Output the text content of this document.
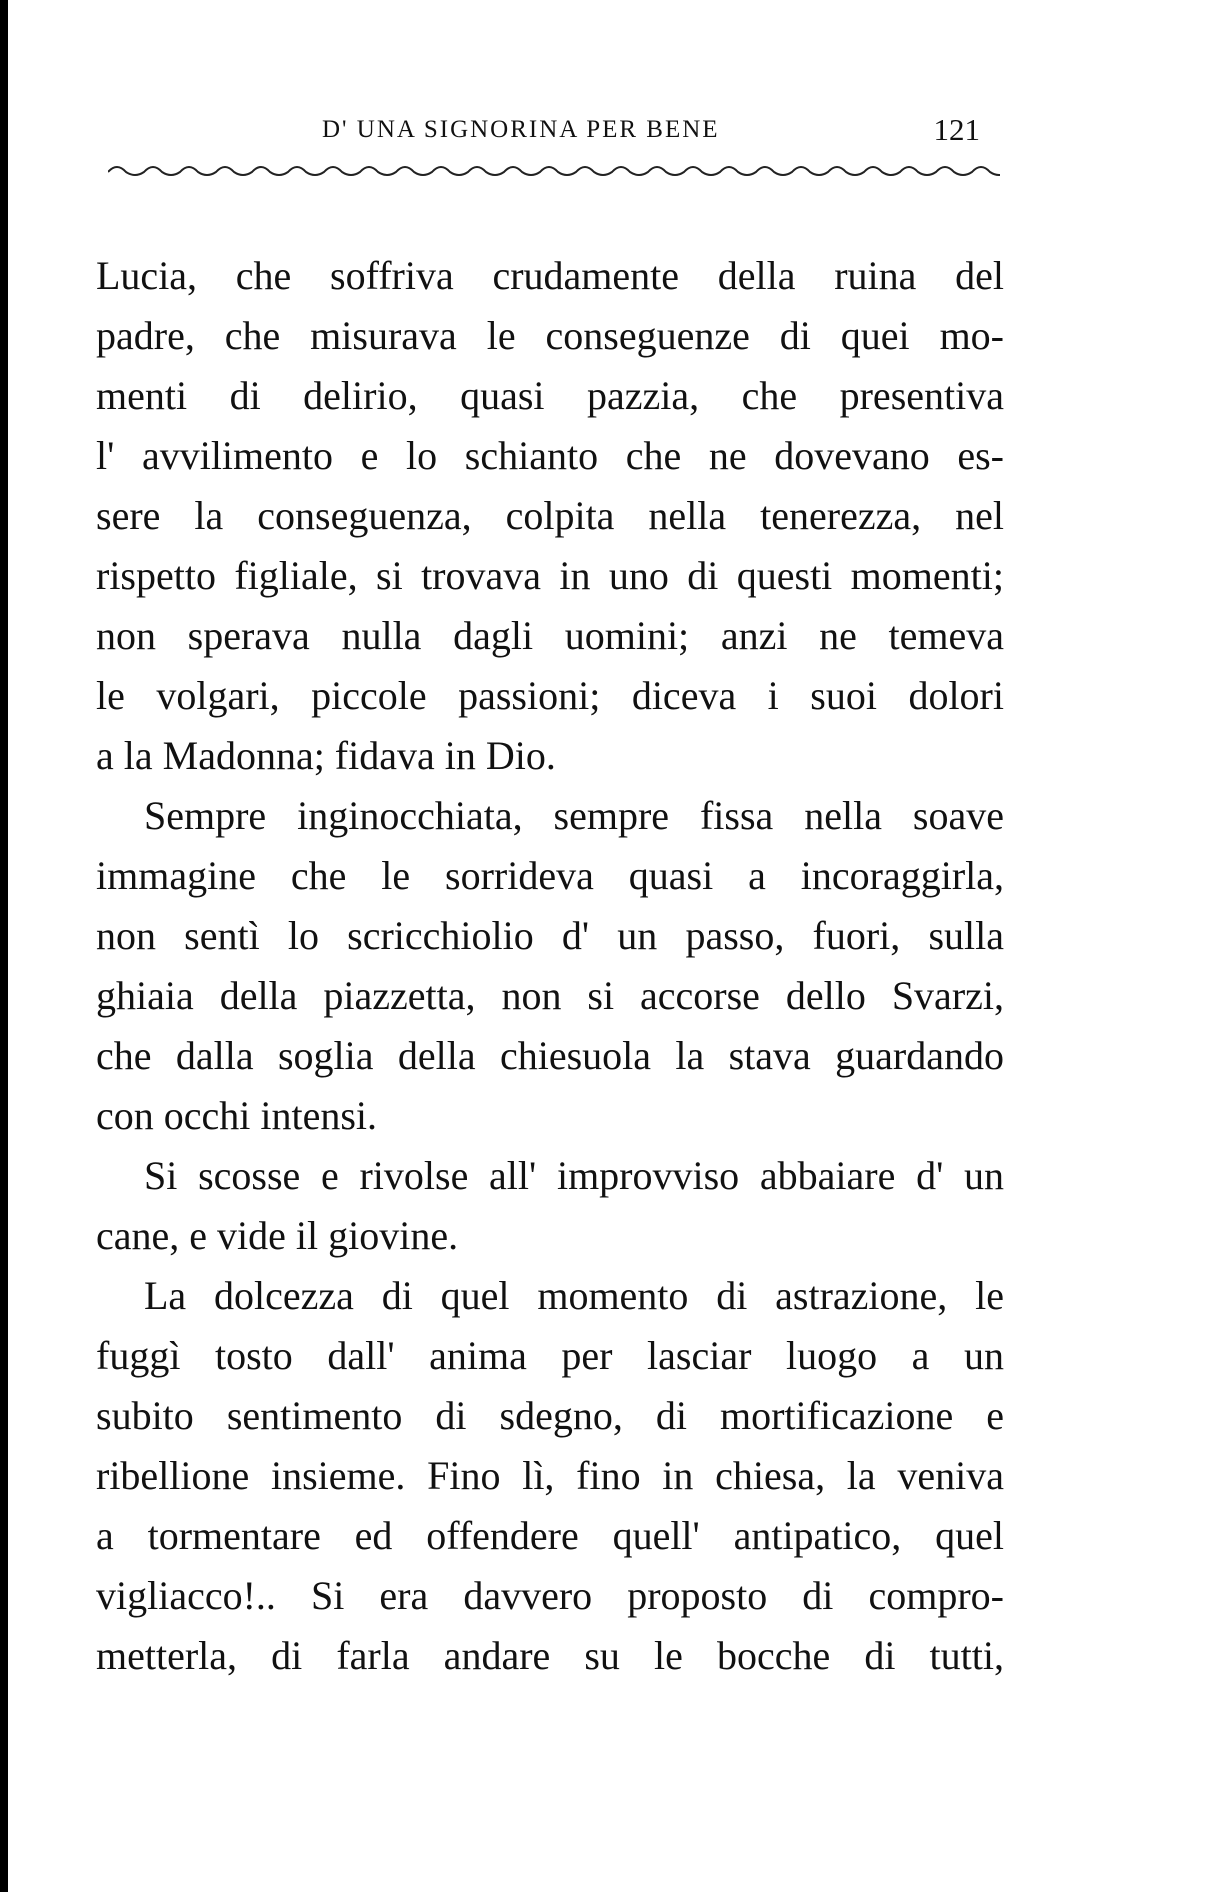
D' UNA SIGNORINA PER BENE	121
Lucia, che soffriva crudamente della ruina del
padre, che misurava le conseguenze di quei mo-
menti di delirio, quasi pazzia, che presentiva
l' avvilimento e lo schianto che ne dovevano es-
sere la conseguenza, colpita nella tenerezza, nel
rispetto figliale, si trovava in uno di questi momenti;
non sperava nulla dagli uomini; anzi ne temeva
le volgari, piccole passioni; diceva i suoi dolori
a la Madonna; fidava in Dio.
Sempre inginocchiata, sempre fissa nella soave
immagine che le sorrideva quasi a incoraggirla,
non sentì lo scricchiolio d' un passo, fuori, sulla
ghiaia della piazzetta, non si accorse dello Svarzi,
che dalla soglia della chiesuola la stava guardando
con occhi intensi.
Si scosse e rivolse all' improvviso abbaiare d' un
cane, e vide il giovine.
La dolcezza di quel momento di astrazione, le
fuggì tosto dall' anima per lasciar luogo a un
subito sentimento di sdegno, di mortificazione e
ribellione insieme. Fino lì, fino in chiesa, la veniva
a tormentare ed offendere quell' antipatico, quel
vigliacco!.. Si era davvero proposto di compro-
metterla, di farla andare su le bocche di tutti,
